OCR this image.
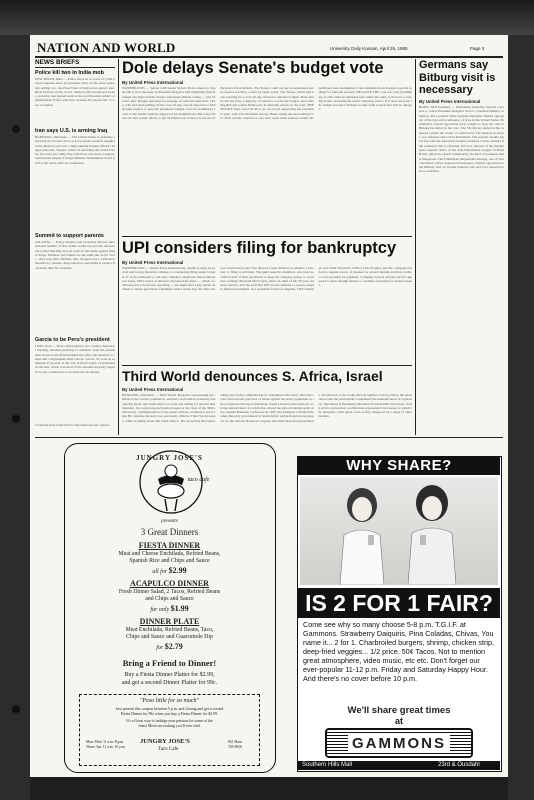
NATION AND WORLD	University Daily Kansan, April 26, 1985	Page 3
NEWS BRIEFS
Police kill two in India mob
NEW DELHI, India — Police fired on a crowd of 1,000 people angered about government curbs on the press yesterday, killing two, the Press Trust of India news agency said. Rival factions in the crowd clashed with swords and stones yesterday and burned stalls in the northwestern suburb of Ahmedabad. Police said they arrested 40 people and 15 were wounded.
Iran says U.S. is arming Iraq
BANDUNG, Indonesia — The United States is gradually replacing the Soviet Union as Iraq's main weapons supplier in the Persian Gulf war, a high-ranking Iranian official charged yesterday. Despite claims of neutrality, the United States has been providing Iraq with more and more weapons, said Iranian Deputy Foreign Minister Mohammed Javad Zarif at the Asian-African conference.
Summit to support parents
ATLANTA — Nancy Reagan said yesterday that her international summit of first ladies would not provide answers but would find help and set goals in the battle against illegal drugs. Mothers and fathers are the same the world over — they love their children, Mrs. Reagan told a conference attended by parents, drug educators and medical experts from more than 30 countries.
Garcia to be Peru's president
LIMA, Peru — Peru's leftist parties, in a country three-hour meeting, decided yesterday to withdraw from the presidential election runoff and handed the office uncontested to center-left congressman Alan Garcia. Garcia, 35, took an estimated 47 percent of the vote in Peru's April 14 presidential election, which was short of the absolute majority required by the constitution to be declared the winner.
Compiled from United Press International wire reports
Dole delays Senate's budget vote
By United Press International
WASHINGTON — Senate GOP leader Robert Dole refused to risk an OK Corral shootout on President Reagan's belt-tightening federal budget last night and the Senate adjourned without voting — just 24 hours after Reagan appealed for passage on national television. Dole, who had been putting off the vote all day, clearly expected to find enough support to pass the president's budget, even in preliminary form, in the Senate with the support of his Republicans. But a key Democrat said earlier efforts to get 50 Democrats to move from one of the plan's fiscal deficits. The Senate could not get an agreement and its leaders said they would try again today. The Senate, which had been pressing for a vote all day, moved to adjourn at night. Dole said he did not have a majority of senators to pass the budget, and some Republicans joined Democrats in delaying action on the plan. THE SENATE then voted 50-49 to go on record supporting the president's plan, with Vice President George Bush casting the tie-breaking vote. Dole said he expected a vote next week when senators return. Republicans were attempting to lure members from Reagan's special ceilings for national security. BECAUSE THE vote was only preliminary, it still could be amended later under the rules. Let's have a vote, Byrd said, reversing his earlier delaying tactics. If it does not pass, the budget process will have to start from scratch and will be delayed.
Germans say Bitburg visit is necessary
By United Press International
BONN, West Germany — Parliament yesterday rejected a motion to cancel President Reagan's visit to a German military cemetery, and a popular West German magazine blamed opponents of the trip on the influence of Jews in the United States. Parliament's overall opposition party sought to drop the visit to Bitburg but failed in the vote. The SS officers buried at the cemetery remain the center of controversy. The motion, however, was defeated 418 to 8 in Parliament. The popular weekly Quick has said the American-German relations will be harmed if the cemetery visit is canceled. Ed Levy, director of the Washington regional office of the Anti-Defamation League of B'nai B'rith, called the Quick commentary the kind of nonsense that is dangerous. The Frankfurter Allgemeine Zeitung, one of West Germany's most respected newspapers, blamed opposition to the Bitburg visit on Jewish interests and said Jews should not be so sensitive.
UPI considers filing for bankruptcy
By United Press International
WASHINGTON — United Press International, unable to meet its payroll and facing financial collapse, is considering filing under Chapter 11 of the bankruptcy code, the company's employee union announced today. UPI's board of directors discussed the issue — which would keep the wire service operating — but night after a key lender declined to honor paychecks scheduled earlier in the day, the Wire Service Guild union said. The directors were divided on whether a Chapter 11 filing would help. The guild asked its members, who have sacrificed half of their paychecks to keep the company going, to continue working. Maxwell McCrohon, editor in chief of the 78-year-old news service, told the staff that UPI would continue to operate despite financial problems. In a statement from Los Angeles, UPI Chairman and Chief Executive Officer Luis Nogales said the company has had no regular source of revenue for several months and that creditors were pressing for payment. Company sources said the service appeared to have enough money to continue operating for several weeks.
Third World denounces S. Africa, Israel
By United Press International
BANDUNG, Indonesia — Third World delegates, representing two-thirds of the world's population, adopted a declaration yesterday denouncing Israel and South Africa as racist and calling for nuclear disarmament. In a page-long declaration issued at the close of the 30th anniversary commemoration of the Asian-African conference, more than 80 countries gloated over previously divisive Third World issues, while avoiding Israel and South Africa. The more than 80 nations taking part in the commemoration condemned what they called the racist and terrorist practices of Israel against the Arab population in the occupied territories of Palestine, South Lebanon and Golan. In a strong denunciation of racism that echoed the anti-colonialist spirit of the original Bandung conference in 1955, the delegates criticized the white minority government in South Africa and declared strong support for the African National Congress and other liberation movements. In reference to the South African regime's racial policies, the declaration said the participants condemned the intensification of repression. Diplomats at Bandung's Merdeka Freedom Hall said Israel, South Africa and nuclear proliferation represented vital issues on which the delegates could agree, even as they disagreed on a range of other matters.
JUNGRY JOSE'S
taco cafe
presents
3 Great Dinners
FIESTA DINNER
Meat and Cheese Enchilada, Refried Beans,
Spanish Rice and Chips and Sauce
all for $2.99
ACAPULCO DINNER
Fresh Dinner Salad, 2 Tacos, Refried Beans
and Chips and Sauce
for only $1.99
DINNER PLATE
Meat Enchilada, Refried Beans, Taco,
Chips and Sauce and Guacomole Dip
for $2.79
Bring a Friend to Dinner!
Buy a Fiesta Dinner Platter for $2.99,
and get a second Dinner Platter for 99c.
"Peso little for so much"
Just present this coupon between 5 p.m. and closing and get a second
Fiesta Dinner for 99c when you buy a Fiesta Dinner for $2.99.
It's a Great way to indulge your passion for some of the
finest Mexican cooking you'll ever find.
Mon.-Wed. 11 a.m.-8 p.m.
Thurs.-Sat. 11 a.m.-10 p.m.
JUNGRY JOSE'S
Taco Cafe
841 Mass.
749-0636
WHY SHARE?
IS 2 FOR 1 FAIR?
Come see why so many choose 5-8 p.m. T.G.I.F. at Gammons. Strawberry Daiquiris, Pina Coladas, Chivas, You name it... 2 for 1. Charbroiled burgers, shrimp, chicken strip, deep-fried veggies... 1/2 price. 50¢ Tacos. Not to mention great atmosphere, video music, etc etc. Don't forget our ever-popular 11-12 p.m. Friday and Saturday Happy Hour. And there's no cover before 10 p.m.
We'll share great times
at
GAMMONS
Southern Hills Mall	23rd & Ousdahl
